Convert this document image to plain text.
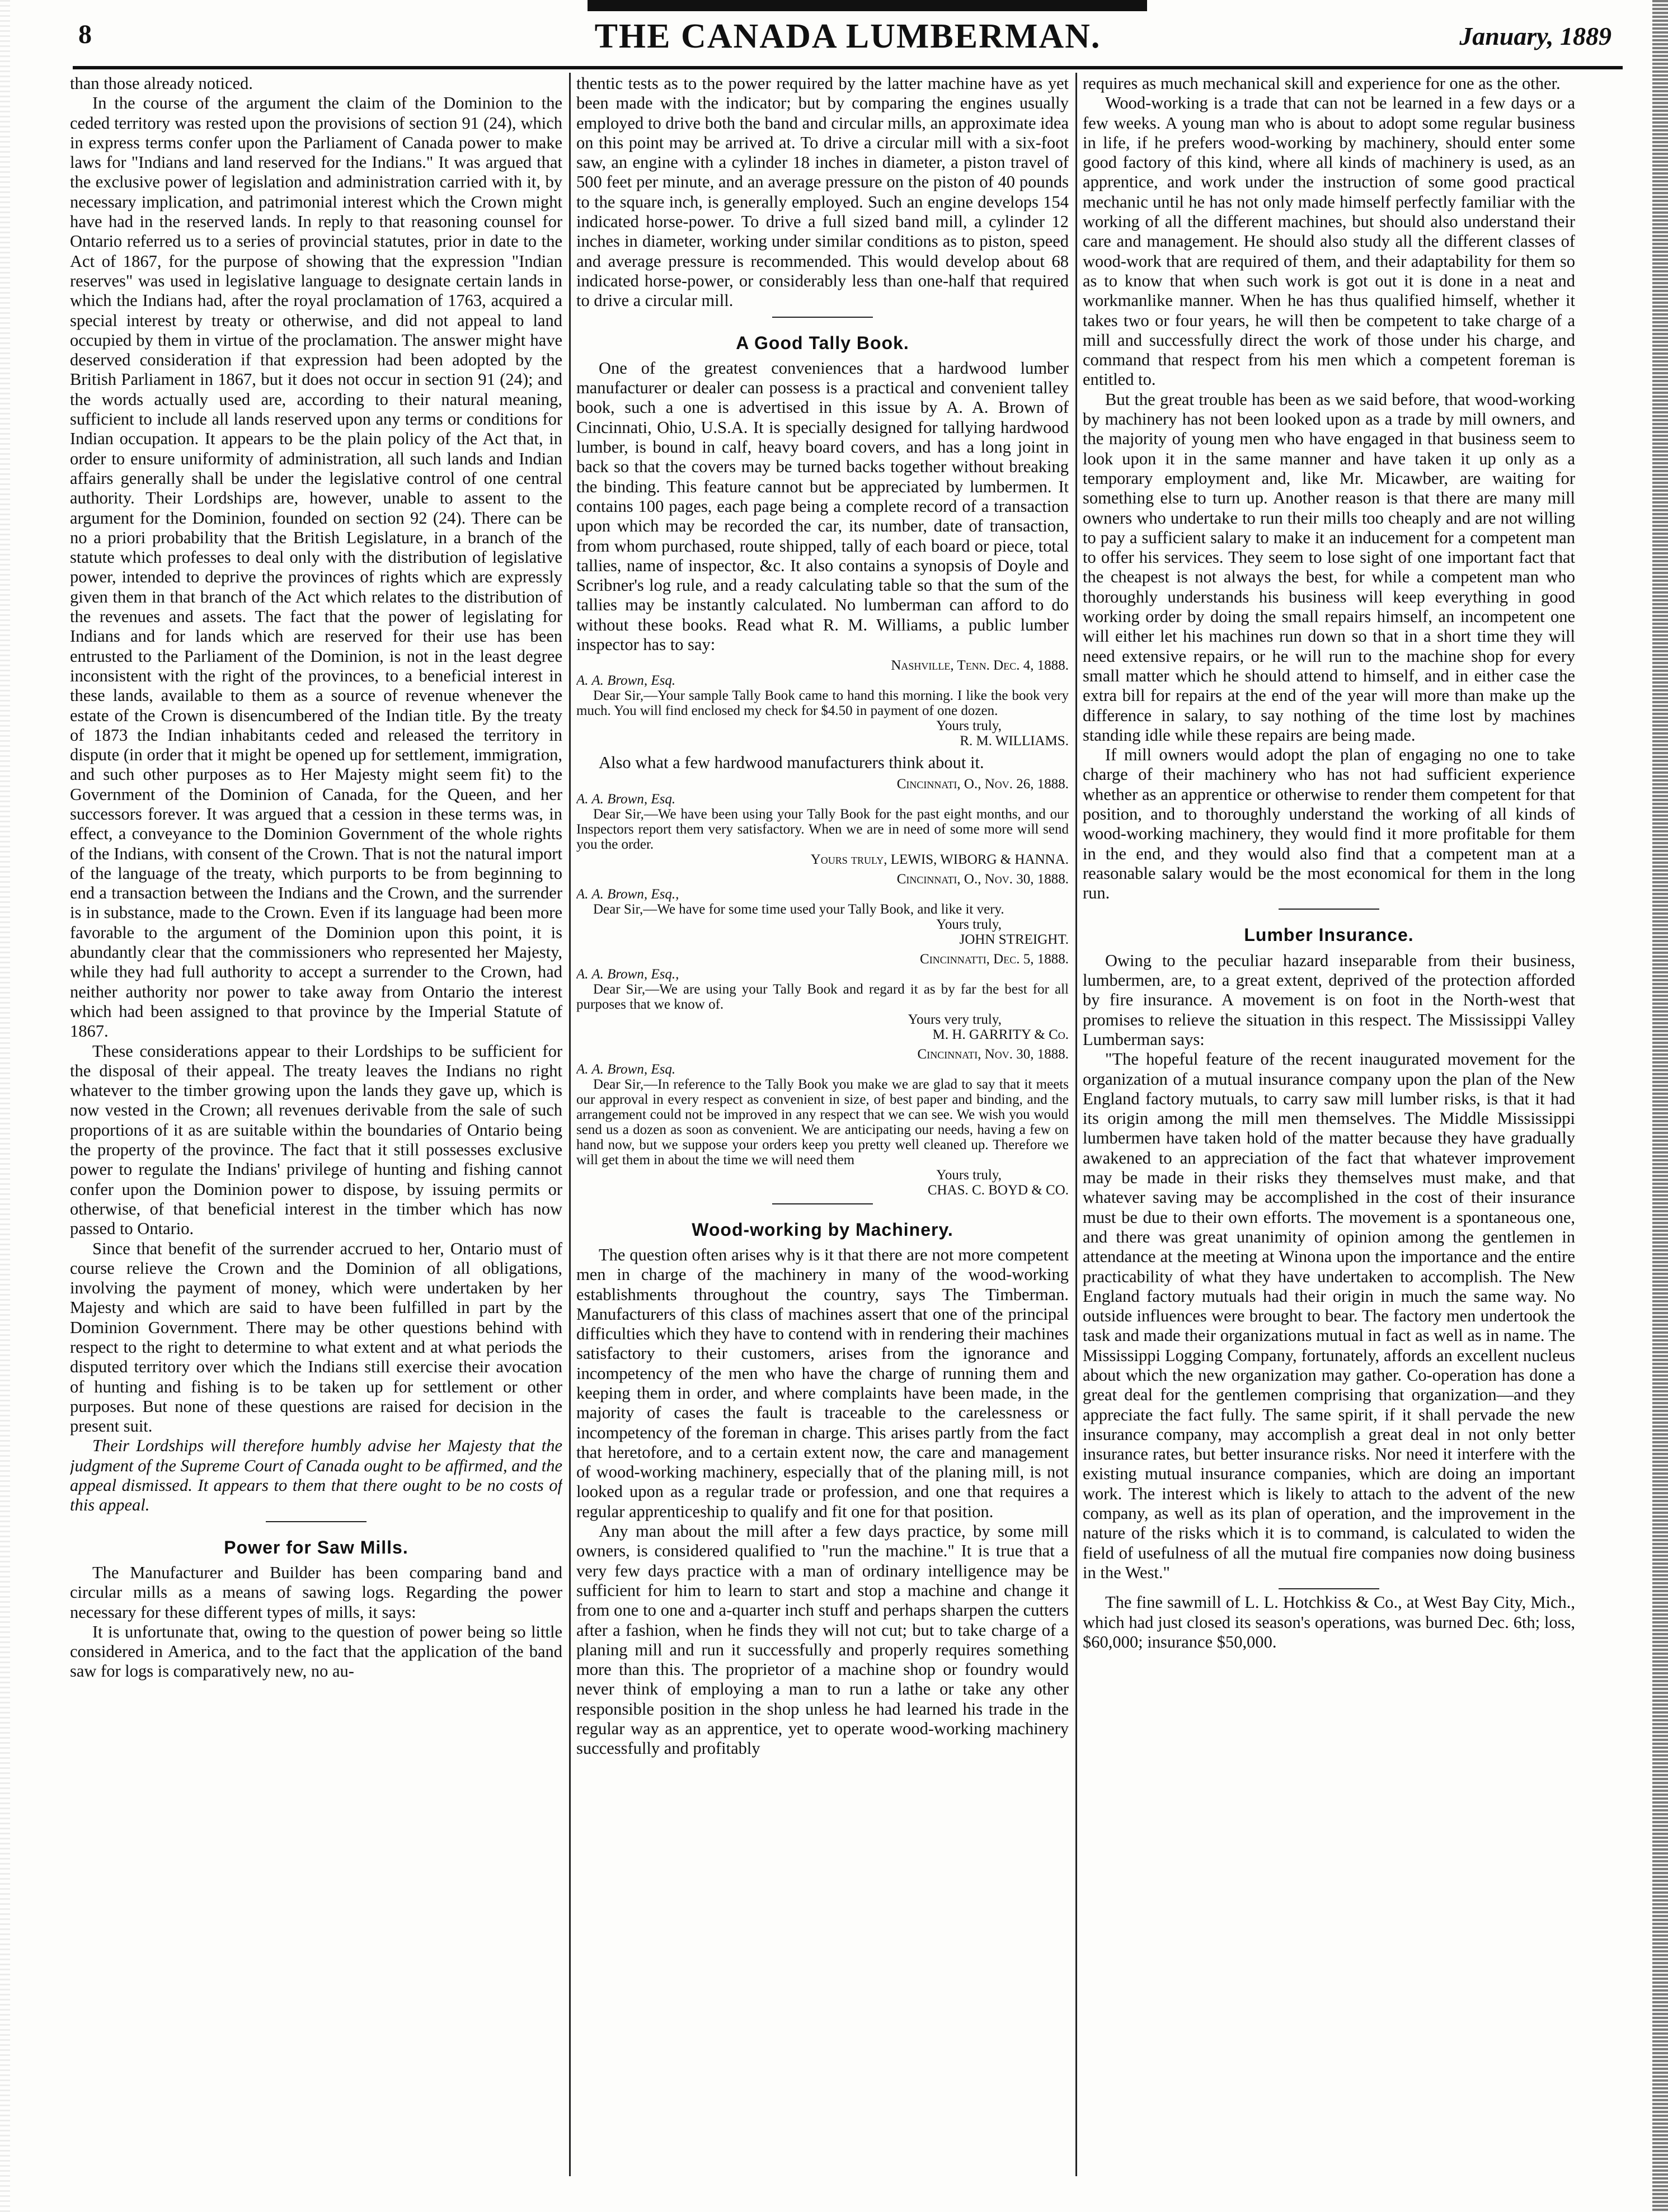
8	THE CANADA LUMBERMAN.	January, 1889

than those already noticed.

In the course of the argument the claim of the Dominion to the ceded territory was rested upon the provisions of section 91 (24), which in express terms confer upon the Parliament of Canada power to make laws for "Indians and land reserved for the Indians." It was argued that the exclusive power of legislation and administration carried with it, by necessary implication, and patrimonial interest which the Crown might have had in the reserved lands. In reply to that reasoning counsel for Ontario referred us to a series of provincial statutes, prior in date to the Act of 1867, for the purpose of showing that the expression "Indian reserves" was used in legislative language to designate certain lands in which the Indians had, after the royal proclamation of 1763, acquired a special interest by treaty or otherwise, and did not appeal to land occupied by them in virtue of the proclamation. The answer might have deserved consideration if that expression had been adopted by the British Parliament in 1867, but it does not occur in section 91 (24); and the words actually used are, according to their natural meaning, sufficient to include all lands reserved upon any terms or conditions for Indian occupation. It appears to be the plain policy of the Act that, in order to ensure uniformity of administration, all such lands and Indian affairs generally shall be under the legislative control of one central authority. Their Lordships are, however, unable to assent to the argument for the Dominion, founded on section 92 (24). There can be no a priori probability that the British Legislature, in a branch of the statute which professes to deal only with the distribution of legislative power, intended to deprive the provinces of rights which are expressly given them in that branch of the Act which relates to the distribution of the revenues and assets. The fact that the power of legislating for Indians and for lands which are reserved for their use has been entrusted to the Parliament of the Dominion, is not in the least degree inconsistent with the right of the provinces, to a beneficial interest in these lands, available to them as a source of revenue whenever the estate of the Crown is disencumbered of the Indian title. By the treaty of 1873 the Indian inhabitants ceded and released the territory in dispute (in order that it might be opened up for settlement, immigration, and such other purposes as to Her Majesty might seem fit) to the Government of the Dominion of Canada, for the Queen, and her successors forever. It was argued that a cession in these terms was, in effect, a conveyance to the Dominion Government of the whole rights of the Indians, with consent of the Crown. That is not the natural import of the language of the treaty, which purports to be from beginning to end a transaction between the Indians and the Crown, and the surrender is in substance, made to the Crown. Even if its language had been more favorable to the argument of the Dominion upon this point, it is abundantly clear that the commissioners who represented her Majesty, while they had full authority to accept a surrender to the Crown, had neither authority nor power to take away from Ontario the interest which had been assigned to that province by the Imperial Statute of 1867.

These considerations appear to their Lordships to be sufficient for the disposal of their appeal. The treaty leaves the Indians no right whatever to the timber growing upon the lands they gave up, which is now vested in the Crown; all revenues derivable from the sale of such proportions of it as are suitable within the boundaries of Ontario being the property of the province. The fact that it still possesses exclusive power to regulate the Indians' privilege of hunting and fishing cannot confer upon the Dominion power to dispose, by issuing permits or otherwise, of that beneficial interest in the timber which has now passed to Ontario.

Since that benefit of the surrender accrued to her, Ontario must of course relieve the Crown and the Dominion of all obligations, involving the payment of money, which were undertaken by her Majesty and which are said to have been fulfilled in part by the Dominion Government. There may be other questions behind with respect to the right to determine to what extent and at what periods the disputed territory over which the Indians still exercise their avocation of hunting and fishing is to be taken up for settlement or other purposes. But none of these questions are raised for decision in the present suit.

Their Lordships will therefore humbly advise her Majesty that the judgment of the Supreme Court of Canada ought to be affirmed, and the appeal dismissed. It appears to them that there ought to be no costs of this appeal.

Power for Saw Mills.

The Manufacturer and Builder has been comparing band and circular mills as a means of sawing logs. Regarding the power necessary for these different types of mills, it says:

It is unfortunate that, owing to the question of power being so little considered in America, and to the fact that the application of the band saw for logs is comparatively new, no au-

thentic tests as to the power required by the latter machine have as yet been made with the indicator; but by comparing the engines usually employed to drive both the band and circular mills, an approximate idea on this point may be arrived at. To drive a circular mill with a six-foot saw, an engine with a cylinder 18 inches in diameter, a piston travel of 500 feet per minute, and an average pressure on the piston of 40 pounds to the square inch, is generally employed. Such an engine develops 154 indicated horse-power. To drive a full sized band mill, a cylinder 12 inches in diameter, working under similar conditions as to piston, speed and average pressure is recommended. This would develop about 68 indicated horse-power, or considerably less than one-half that required to drive a circular mill.

A Good Tally Book.

One of the greatest conveniences that a hardwood lumber manufacturer or dealer can possess is a practical and convenient talley book, such a one is advertised in this issue by A. A. Brown of Cincinnati, Ohio, U.S.A. It is specially designed for tallying hardwood lumber, is bound in calf, heavy board covers, and has a long joint in back so that the covers may be turned backs together without breaking the binding. This feature cannot but be appreciated by lumbermen. It contains 100 pages, each page being a complete record of a transaction upon which may be recorded the car, its number, date of transaction, from whom purchased, route shipped, tally of each board or piece, total tallies, name of inspector, &c. It also contains a synopsis of Doyle and Scribner's log rule, and a ready calculating table so that the sum of the tallies may be instantly calculated. No lumberman can afford to do without these books. Read what R. M. Williams, a public lumber inspector has to say:

Nashville, Tenn. Dec. 4, 1888.
A. A. Brown, Esq.
Dear Sir,—Your sample Tally Book came to hand this morning. I like the book very much. You will find enclosed my check for $4.50 in payment of one dozen.
Yours truly,
R. M. WILLIAMS.

Also what a few hardwood manufacturers think about it.

Cincinnati, O., Nov. 26, 1888.
A. A. Brown, Esq.
Dear Sir,—We have been using your Tally Book for the past eight months, and our Inspectors report them very satisfactory. When we are in need of some more will send you the order.
Yours truly, LEWIS, WIBORG & HANNA.
Cincinnati, O., Nov. 30, 1888.
A. A. Brown, Esq.,
Dear Sir,—We have for some time used your Tally Book, and like it very.
Yours truly,
JOHN STREIGHT.
Cincinnatti, Dec. 5, 1888.
A. A. Brown, Esq.,
Dear Sir,—We are using your Tally Book and regard it as by far the best for all purposes that we know of.
Yours very truly,
M. H. GARRITY & Co.
Cincinnati, Nov. 30, 1888.
A. A. Brown, Esq.
Dear Sir,—In reference to the Tally Book you make we are glad to say that it meets our approval in every respect as convenient in size, of best paper and binding, and the arrangement could not be improved in any respect that we can see. We wish you would send us a dozen as soon as convenient. We are anticipating our needs, having a few on hand now, but we suppose your orders keep you pretty well cleaned up. Therefore we will get them in about the time we will need them
Yours truly,
CHAS. C. BOYD & CO.
Wood-working by Machinery.

The question often arises why is it that there are not more competent men in charge of the machinery in many of the wood-working establishments throughout the country, says The Timberman. Manufacturers of this class of machines assert that one of the principal difficulties which they have to contend with in rendering their machines satisfactory to their customers, arises from the ignorance and incompetency of the men who have the charge of running them and keeping them in order, and where complaints have been made, in the majority of cases the fault is traceable to the carelessness or incompetency of the foreman in charge. This arises partly from the fact that heretofore, and to a certain extent now, the care and management of wood-working machinery, especially that of the planing mill, is not looked upon as a regular trade or profession, and one that requires a regular apprenticeship to qualify and fit one for that position.

Any man about the mill after a few days practice, by some mill owners, is considered qualified to "run the machine." It is true that a very few days practice with a man of ordinary intelligence may be sufficient for him to learn to start and stop a machine and change it from one to one and a-quarter inch stuff and perhaps sharpen the cutters after a fashion, when he finds they will not cut; but to take charge of a planing mill and run it successfully and properly requires something more than this. The proprietor of a machine shop or foundry would never think of employing a man to run a lathe or take any other responsible position in the shop unless he had learned his trade in the regular way as an apprentice, yet to operate wood-working machinery successfully and profitably

requires as much mechanical skill and experience for one as the other.

Wood-working is a trade that can not be learned in a few days or a few weeks. A young man who is about to adopt some regular business in life, if he prefers wood-working by machinery, should enter some good factory of this kind, where all kinds of machinery is used, as an apprentice, and work under the instruction of some good practical mechanic until he has not only made himself perfectly familiar with the working of all the different machines, but should also understand their care and management. He should also study all the different classes of wood-work that are required of them, and their adaptability for them so as to know that when such work is got out it is done in a neat and workmanlike manner. When he has thus qualified himself, whether it takes two or four years, he will then be competent to take charge of a mill and successfully direct the work of those under his charge, and command that respect from his men which a competent foreman is entitled to.

But the great trouble has been as we said before, that wood-working by machinery has not been looked upon as a trade by mill owners, and the majority of young men who have engaged in that business seem to look upon it in the same manner and have taken it up only as a temporary employment and, like Mr. Micawber, are waiting for something else to turn up. Another reason is that there are many mill owners who undertake to run their mills too cheaply and are not willing to pay a sufficient salary to make it an inducement for a competent man to offer his services. They seem to lose sight of one important fact that the cheapest is not always the best, for while a competent man who thoroughly understands his business will keep everything in good working order by doing the small repairs himself, an incompetent one will either let his machines run down so that in a short time they will need extensive repairs, or he will run to the machine shop for every small matter which he should attend to himself, and in either case the extra bill for repairs at the end of the year will more than make up the difference in salary, to say nothing of the time lost by machines standing idle while these repairs are being made.

If mill owners would adopt the plan of engaging no one to take charge of their machinery who has not had sufficient experience whether as an apprentice or otherwise to render them competent for that position, and to thoroughly understand the working of all kinds of wood-working machinery, they would find it more profitable for them in the end, and they would also find that a competent man at a reasonable salary would be the most economical for them in the long run.

Lumber Insurance.

Owing to the peculiar hazard inseparable from their business, lumbermen, are, to a great extent, deprived of the protection afforded by fire insurance. A movement is on foot in the North-west that promises to relieve the situation in this respect. The Mississippi Valley Lumberman says:

"The hopeful feature of the recent inaugurated movement for the organization of a mutual insurance company upon the plan of the New England factory mutuals, to carry saw mill lumber risks, is that it had its origin among the mill men themselves. The Middle Mississippi lumbermen have taken hold of the matter because they have gradually awakened to an appreciation of the fact that whatever improvement may be made in their risks they themselves must make, and that whatever saving may be accomplished in the cost of their insurance must be due to their own efforts. The movement is a spontaneous one, and there was great unanimity of opinion among the gentlemen in attendance at the meeting at Winona upon the importance and the entire practicability of what they have undertaken to accomplish. The New England factory mutuals had their origin in much the same way. No outside influences were brought to bear. The factory men undertook the task and made their organizations mutual in fact as well as in name. The Mississippi Logging Company, fortunately, affords an excellent nucleus about which the new organization may gather. Co-operation has done a great deal for the gentlemen comprising that organization—and they appreciate the fact fully. The same spirit, if it shall pervade the new insurance company, may accomplish a great deal in not only better insurance rates, but better insurance risks. Nor need it interfere with the existing mutual insurance companies, which are doing an important work. The interest which is likely to attach to the advent of the new company, as well as its plan of operation, and the improvement in the nature of the risks which it is to command, is calculated to widen the field of usefulness of all the mutual fire companies now doing business in the West."

The fine sawmill of L. L. Hotchkiss & Co., at West Bay City, Mich., which had just closed its season's operations, was burned Dec. 6th; loss, $60,000; insurance $50,000.
